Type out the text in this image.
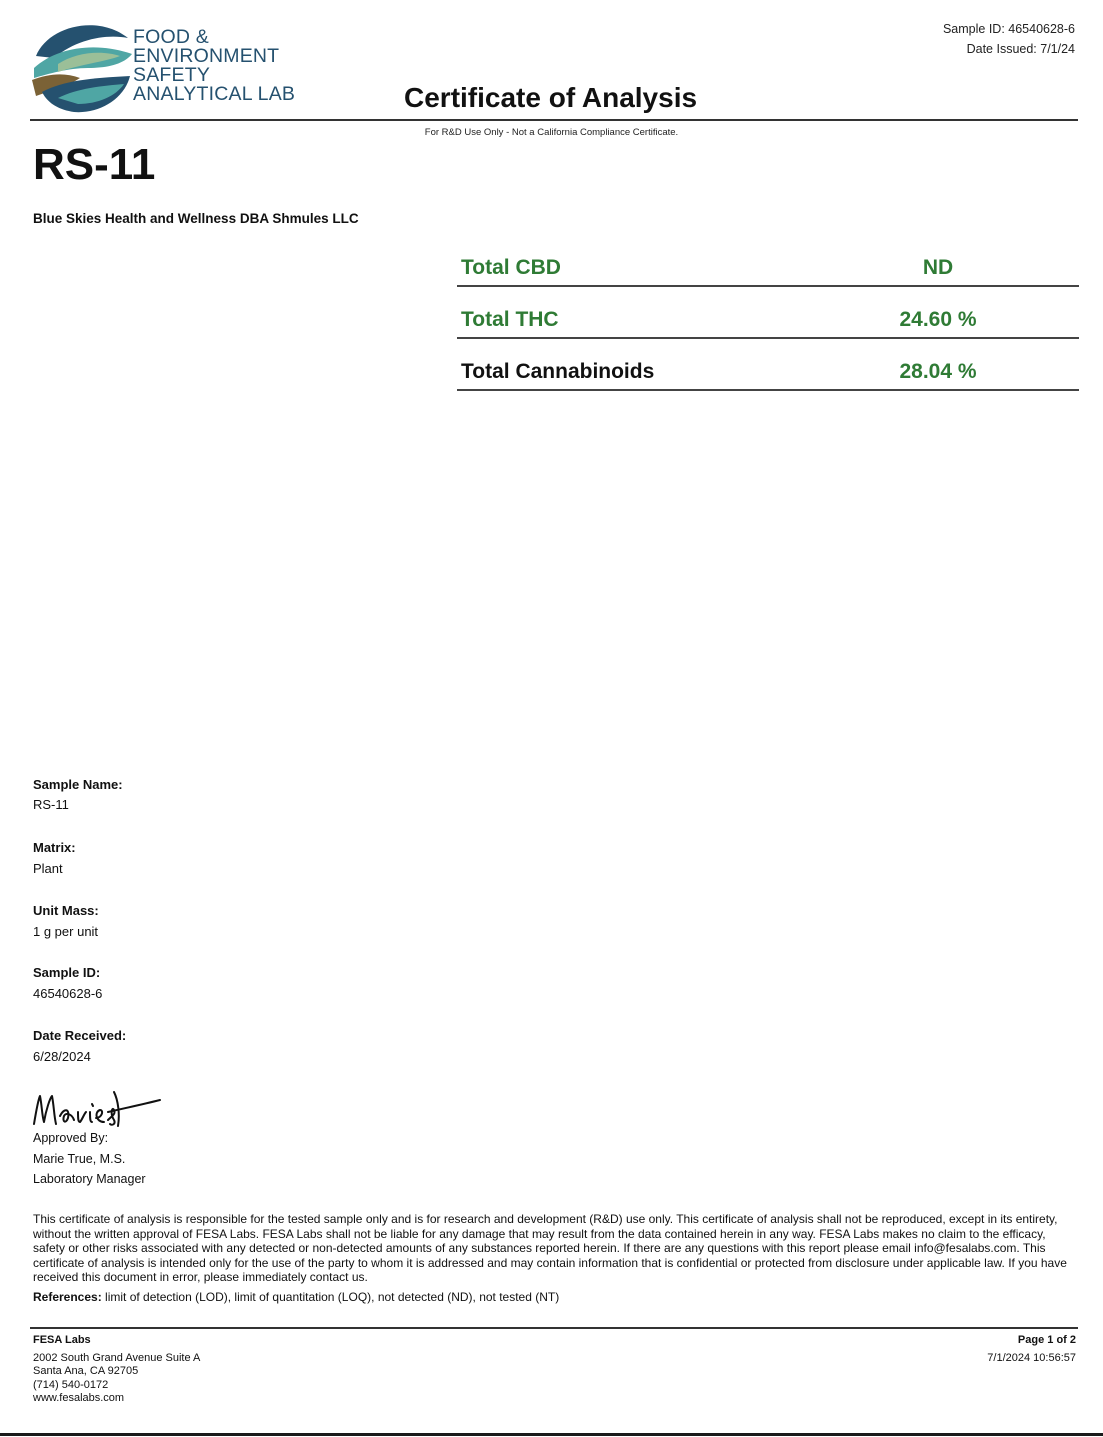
FOOD &
ENVIRONMENT
SAFETY
ANALYTICAL LAB
Sample ID: 46540628-6
Date Issued: 7/1/24
Certificate of Analysis
For R&D Use Only - Not a California Compliance Certificate.
RS-11
Blue Skies Health and Wellness DBA Shmules LLC
Total CBD	ND
Total THC	24.60 %
Total Cannabinoids	28.04 %
Sample Name:
RS-11
Matrix:
Plant
Unit Mass:
1 g per unit
Sample ID:
46540628-6
Date Received:
6/28/2024
Approved By:
Marie True, M.S.
Laboratory Manager
This certificate of analysis is responsible for the tested sample only and is for research and development (R&D) use only. This certificate of analysis shall not be reproduced, except in its entirety, without the written approval of FESA Labs. FESA Labs shall not be liable for any damage that may result from the data contained herein in any way. FESA Labs makes no claim to the efficacy, safety or other risks associated with any detected or non-detected amounts of any substances reported herein. If there are any questions with this report please email info@fesalabs.com. This certificate of analysis is intended only for the use of the party to whom it is addressed and may contain information that is confidential or protected from disclosure under applicable law. If you have received this document in error, please immediately contact us.
References: limit of detection (LOD), limit of quantitation (LOQ), not detected (ND), not tested (NT)
FESA Labs
2002 South Grand Avenue Suite A
Santa Ana, CA 92705
(714) 540-0172
www.fesalabs.com
Page 1 of 2
7/1/2024 10:56:57
